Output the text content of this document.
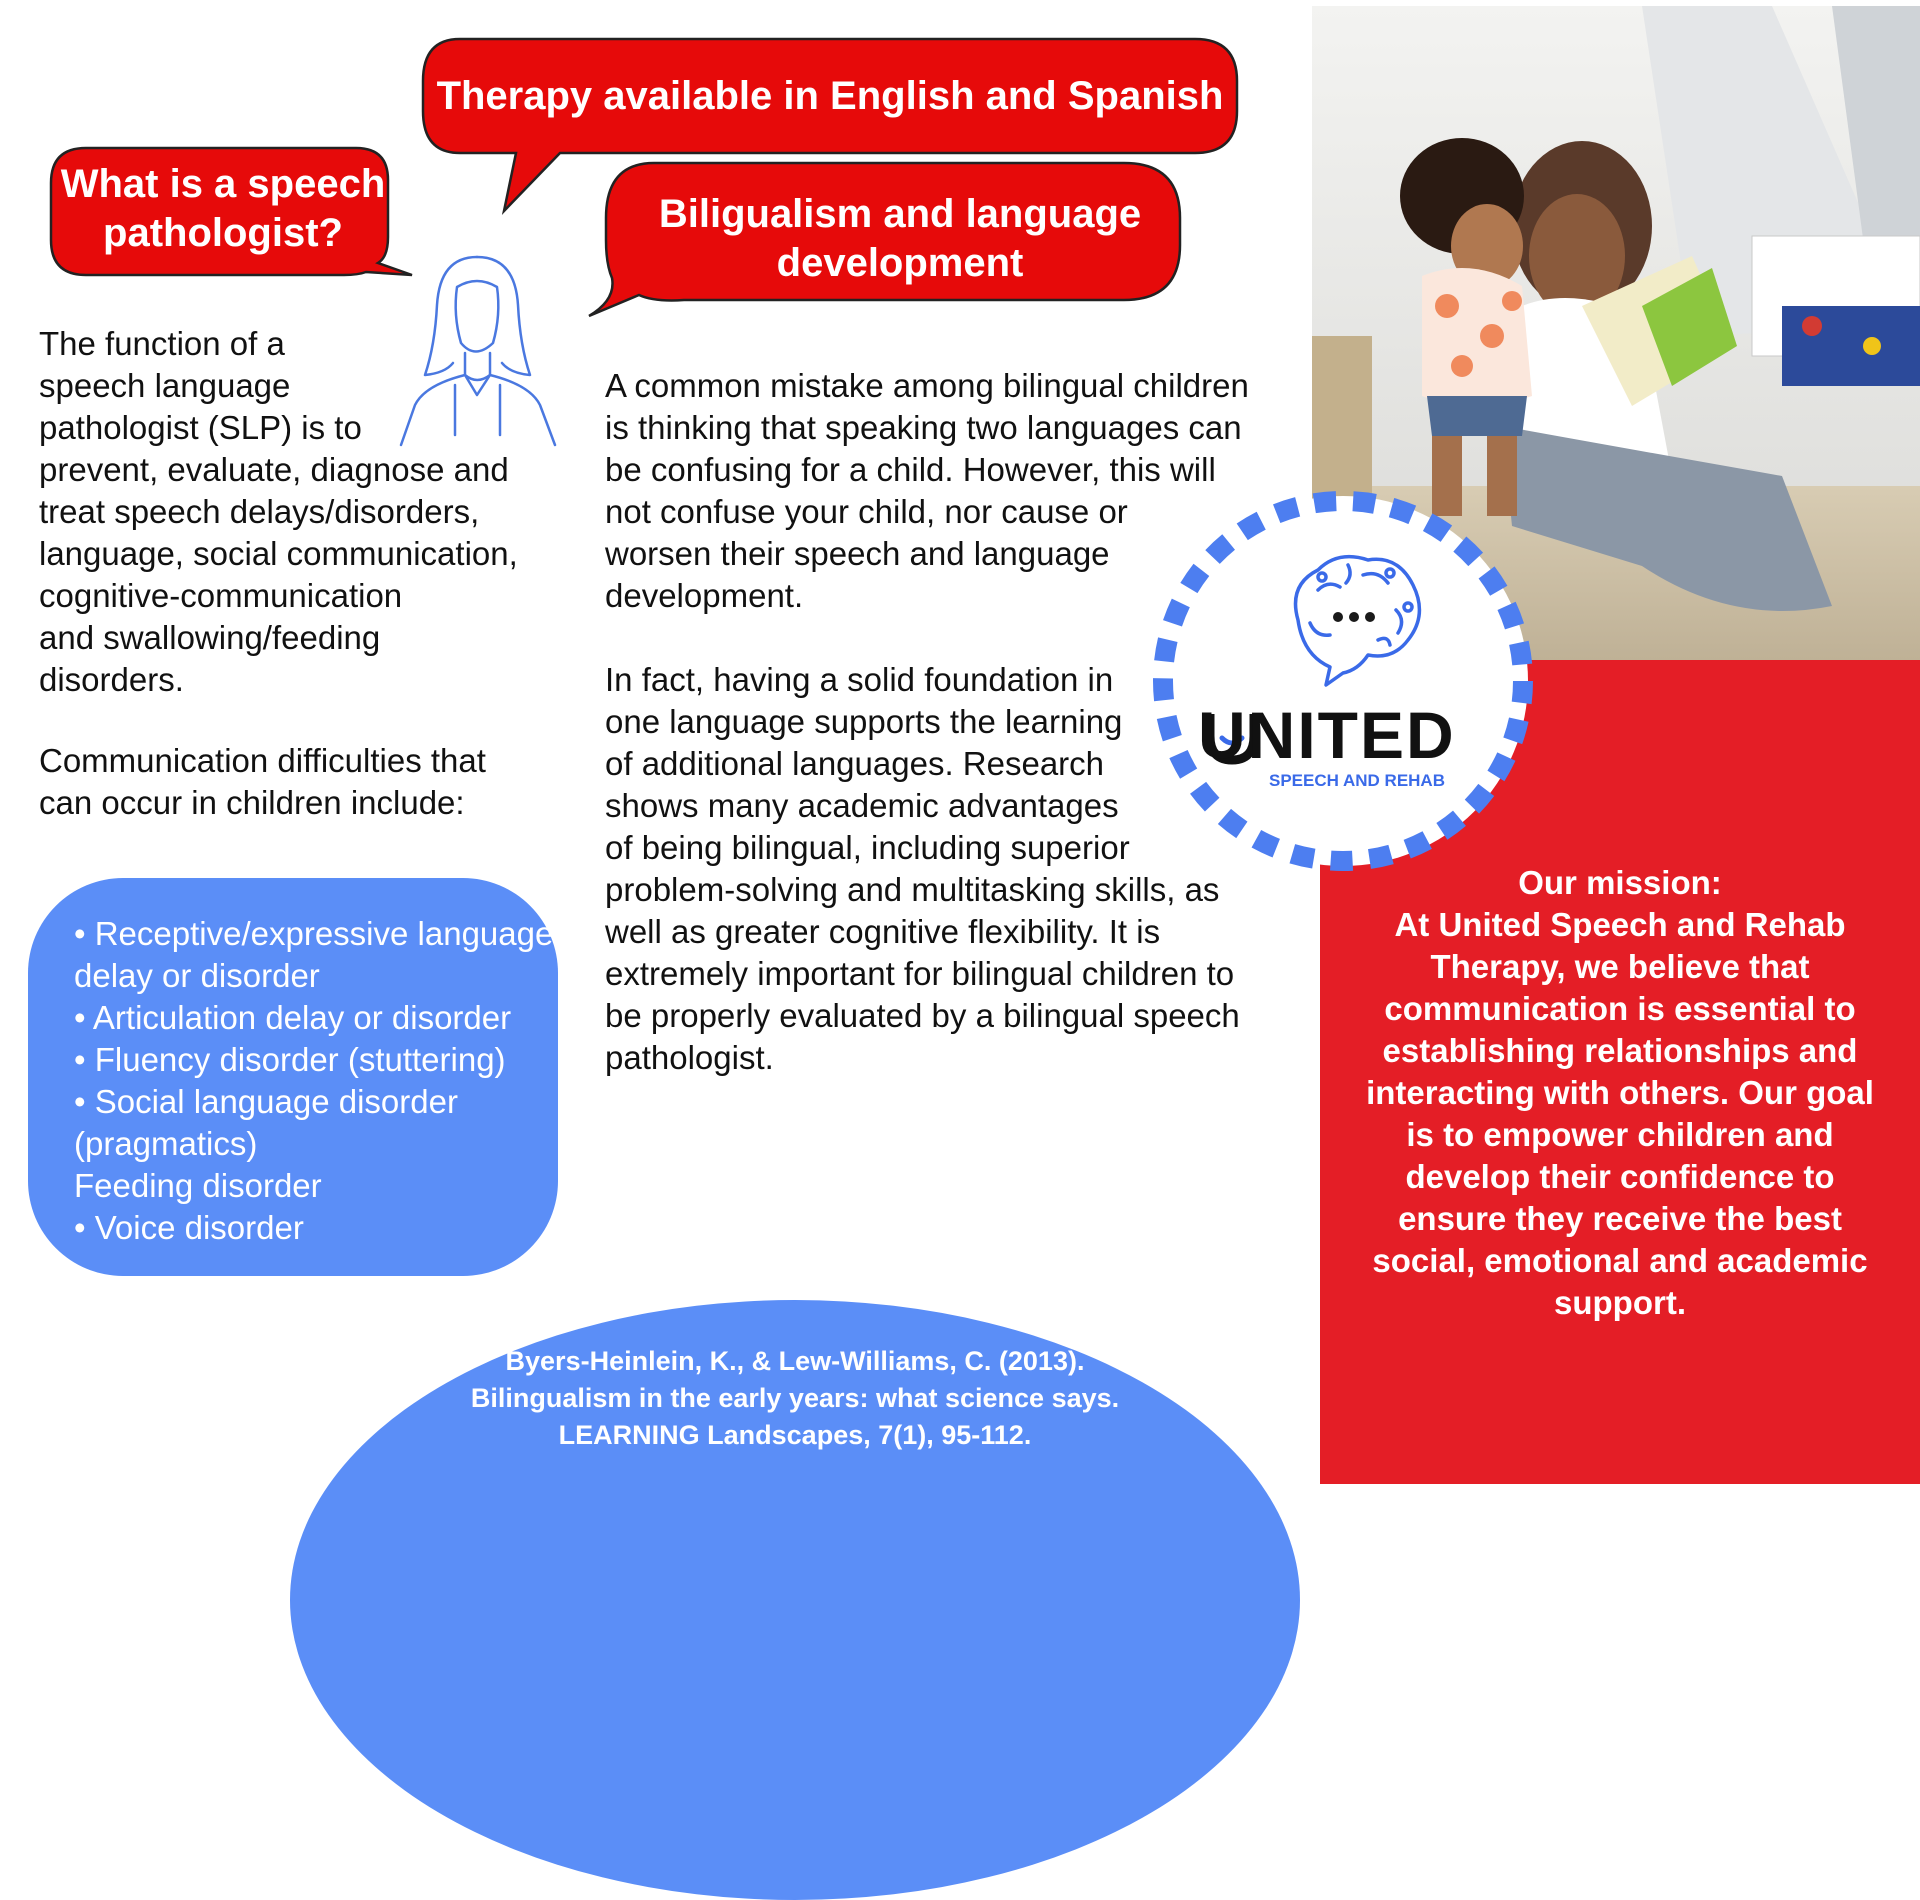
Therapy available in English and Spanish
What is a speech pathologist?	Biligualism and language development

The function of a
speech language
pathologist (SLP) is to
prevent, evaluate, diagnose and
treat speech delays/disorders,
language, social communication,
cognitive-communication
and swallowing/feeding
disorders.

Communication difficulties that
can occur in children include:

• Receptive/expressive language delay or disorder
• Articulation delay or disorder
• Fluency disorder (stuttering)
• Social language disorder (pragmatics)
Feeding disorder
• Voice disorder

A common mistake among bilingual children
is thinking that speaking two languages can
be confusing for a child. However, this will
not confuse your child, nor cause or
worsen their speech and language
development.

In fact, having a solid foundation in
one language supports the learning
of additional languages. Research
shows many academic advantages
of being bilingual, including superior
problem-solving and multitasking skills, as
well as greater cognitive flexibility. It is
extremely important for bilingual children to
be properly evaluated by a bilingual speech
pathologist.

UNITED
SPEECH AND REHAB
Our mission:
At United Speech and Rehab Therapy, we believe that communication is essential to establishing relationships and interacting with others. Our goal is to empower children and develop their confidence to ensure they receive the best social, emotional and academic support.
Byers-Heinlein, K., & Lew-Williams, C. (2013).
Bilingualism in the early years: what science says.
LEARNING Landscapes, 7(1), 95-112.
